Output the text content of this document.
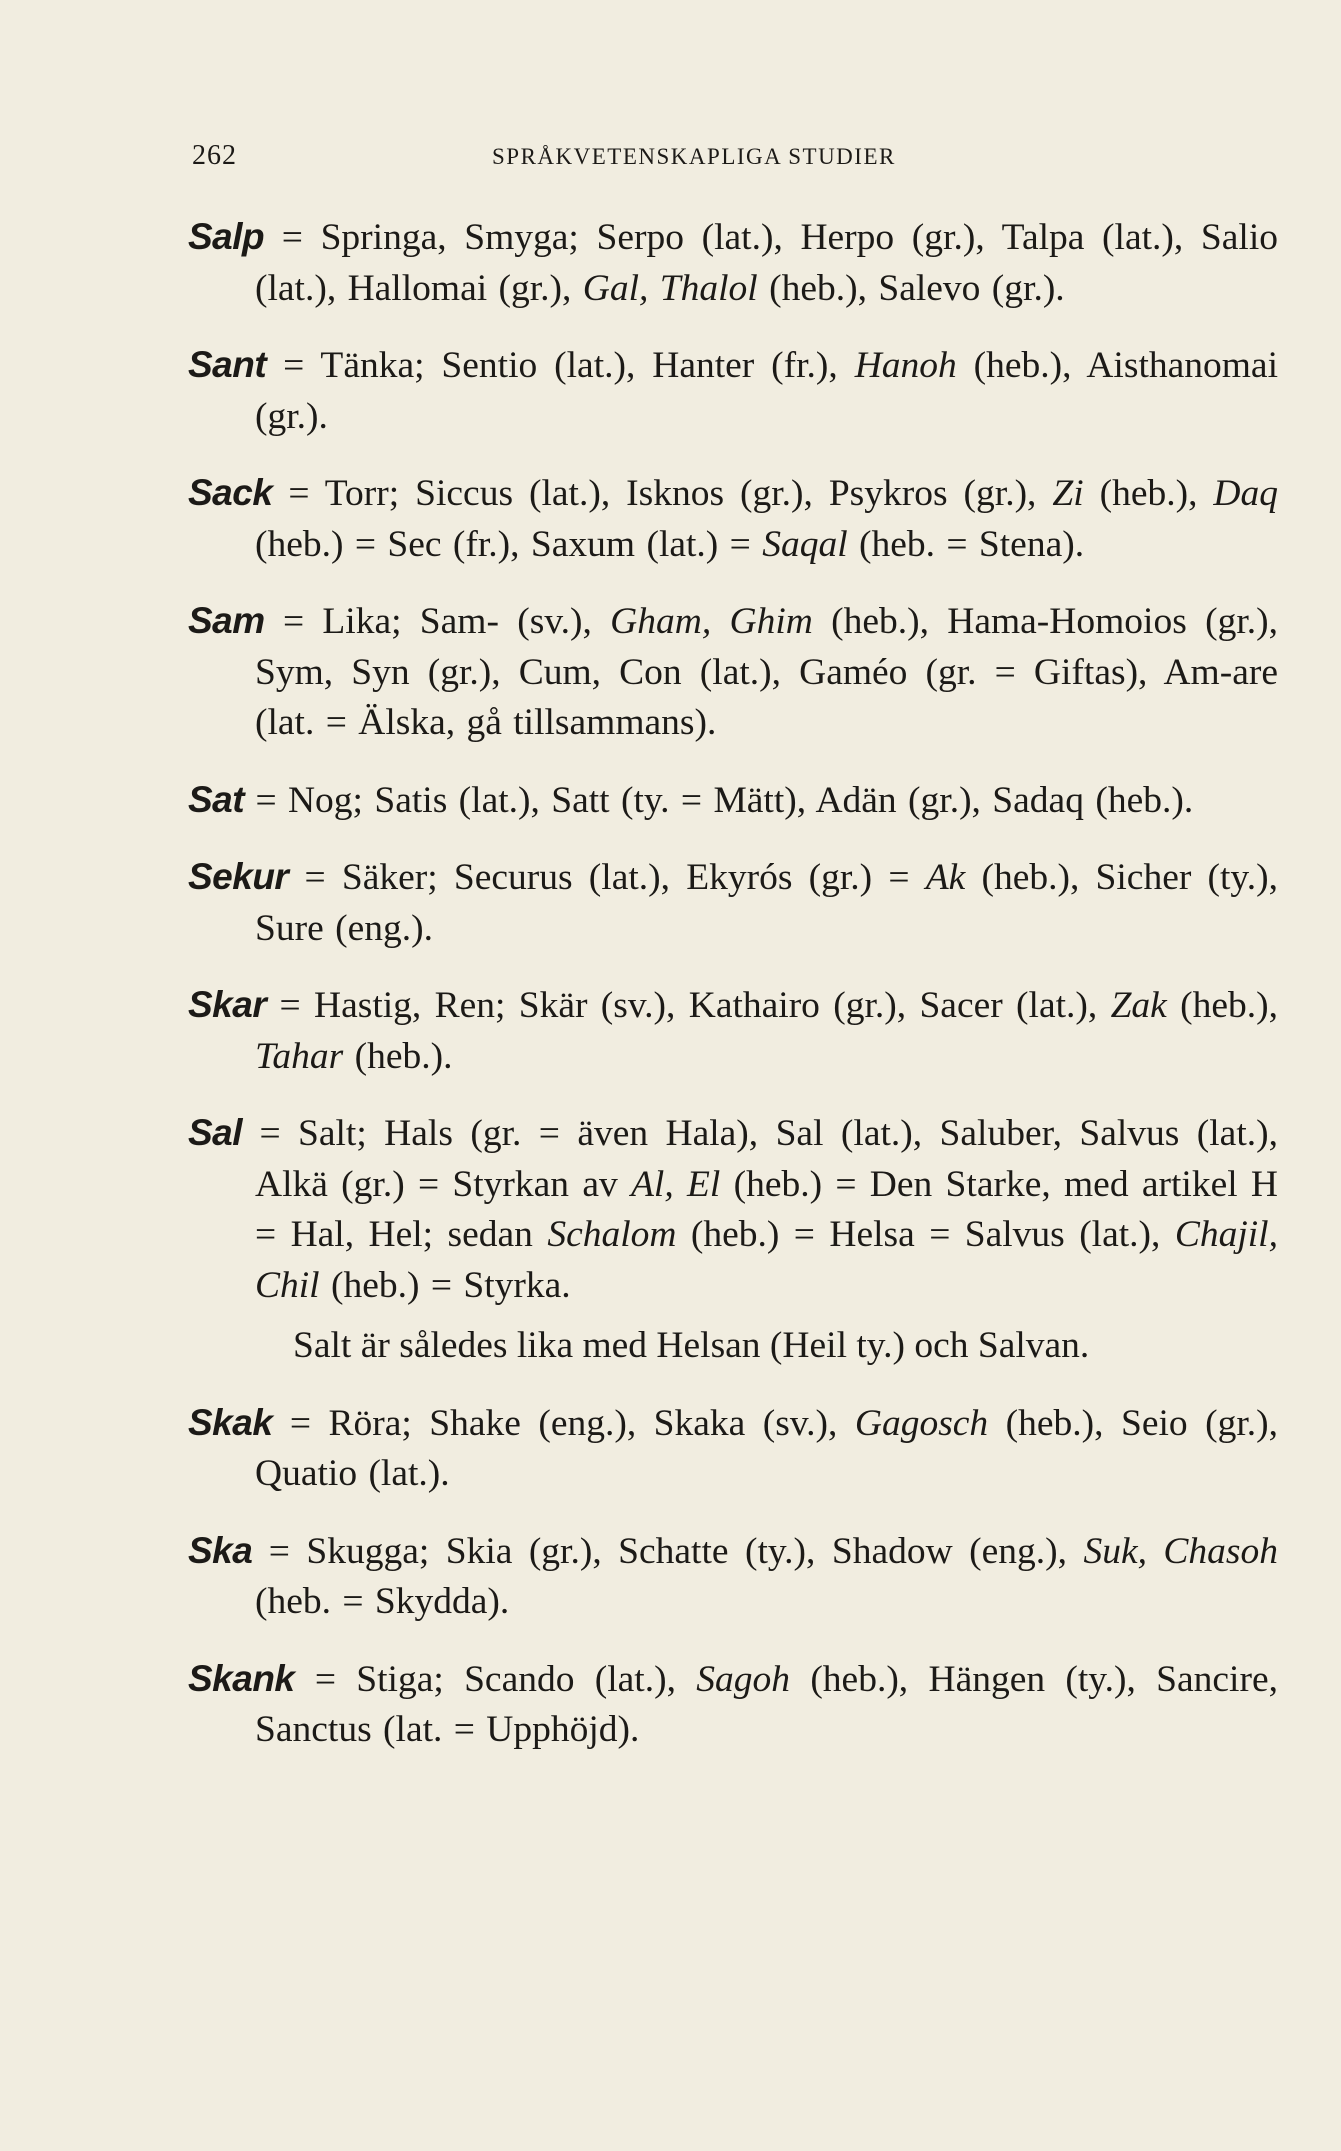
262	SPRÅKVETENSKAPLIGA STUDIER

Salp = Springa, Smyga; Serpo (lat.), Herpo (gr.), Talpa (lat.), Salio (lat.), Hallomai (gr.), Gal, Thalol (heb.), Salevo (gr.).

Sant = Tänka; Sentio (lat.), Hanter (fr.), Hanoh (heb.), Aisthanomai (gr.).

Sack = Torr; Siccus (lat.), Isknos (gr.), Psykros (gr.), Zi (heb.), Daq (heb.) = Sec (fr.), Saxum (lat.) = Saqal (heb. = Stena).

Sam = Lika; Sam- (sv.), Gham, Ghim (heb.), Hama-Homoios (gr.), Sym, Syn (gr.), Cum, Con (lat.), Gaméo (gr. = Giftas), Am-are (lat. = Älska, gå tillsammans).

Sat = Nog; Satis (lat.), Satt (ty. = Mätt), Adän (gr.), Sadaq (heb.).

Sekur = Säker; Securus (lat.), Ekyrós (gr.) = Ak (heb.), Sicher (ty.), Sure (eng.).

Skar = Hastig, Ren; Skär (sv.), Kathairo (gr.), Sacer (lat.), Zak (heb.), Tahar (heb.).

Sal = Salt; Hals (gr. = även Hala), Sal (lat.), Saluber, Salvus (lat.), Alkä (gr.) = Styrkan av Al, El (heb.) = Den Starke, med artikel H = Hal, Hel; sedan Schalom (heb.) = Helsa = Salvus (lat.), Chajil, Chil (heb.) = Styrka.

Salt är således lika med Helsan (Heil ty.) och Salvan.

Skak = Röra; Shake (eng.), Skaka (sv.), Gagosch (heb.), Seio (gr.), Quatio (lat.).

Ska = Skugga; Skia (gr.), Schatte (ty.), Shadow (eng.), Suk, Chasoh (heb. = Skydda).

Skank = Stiga; Scando (lat.), Sagoh (heb.), Hängen (ty.), Sancire, Sanctus (lat. = Upphöjd).
